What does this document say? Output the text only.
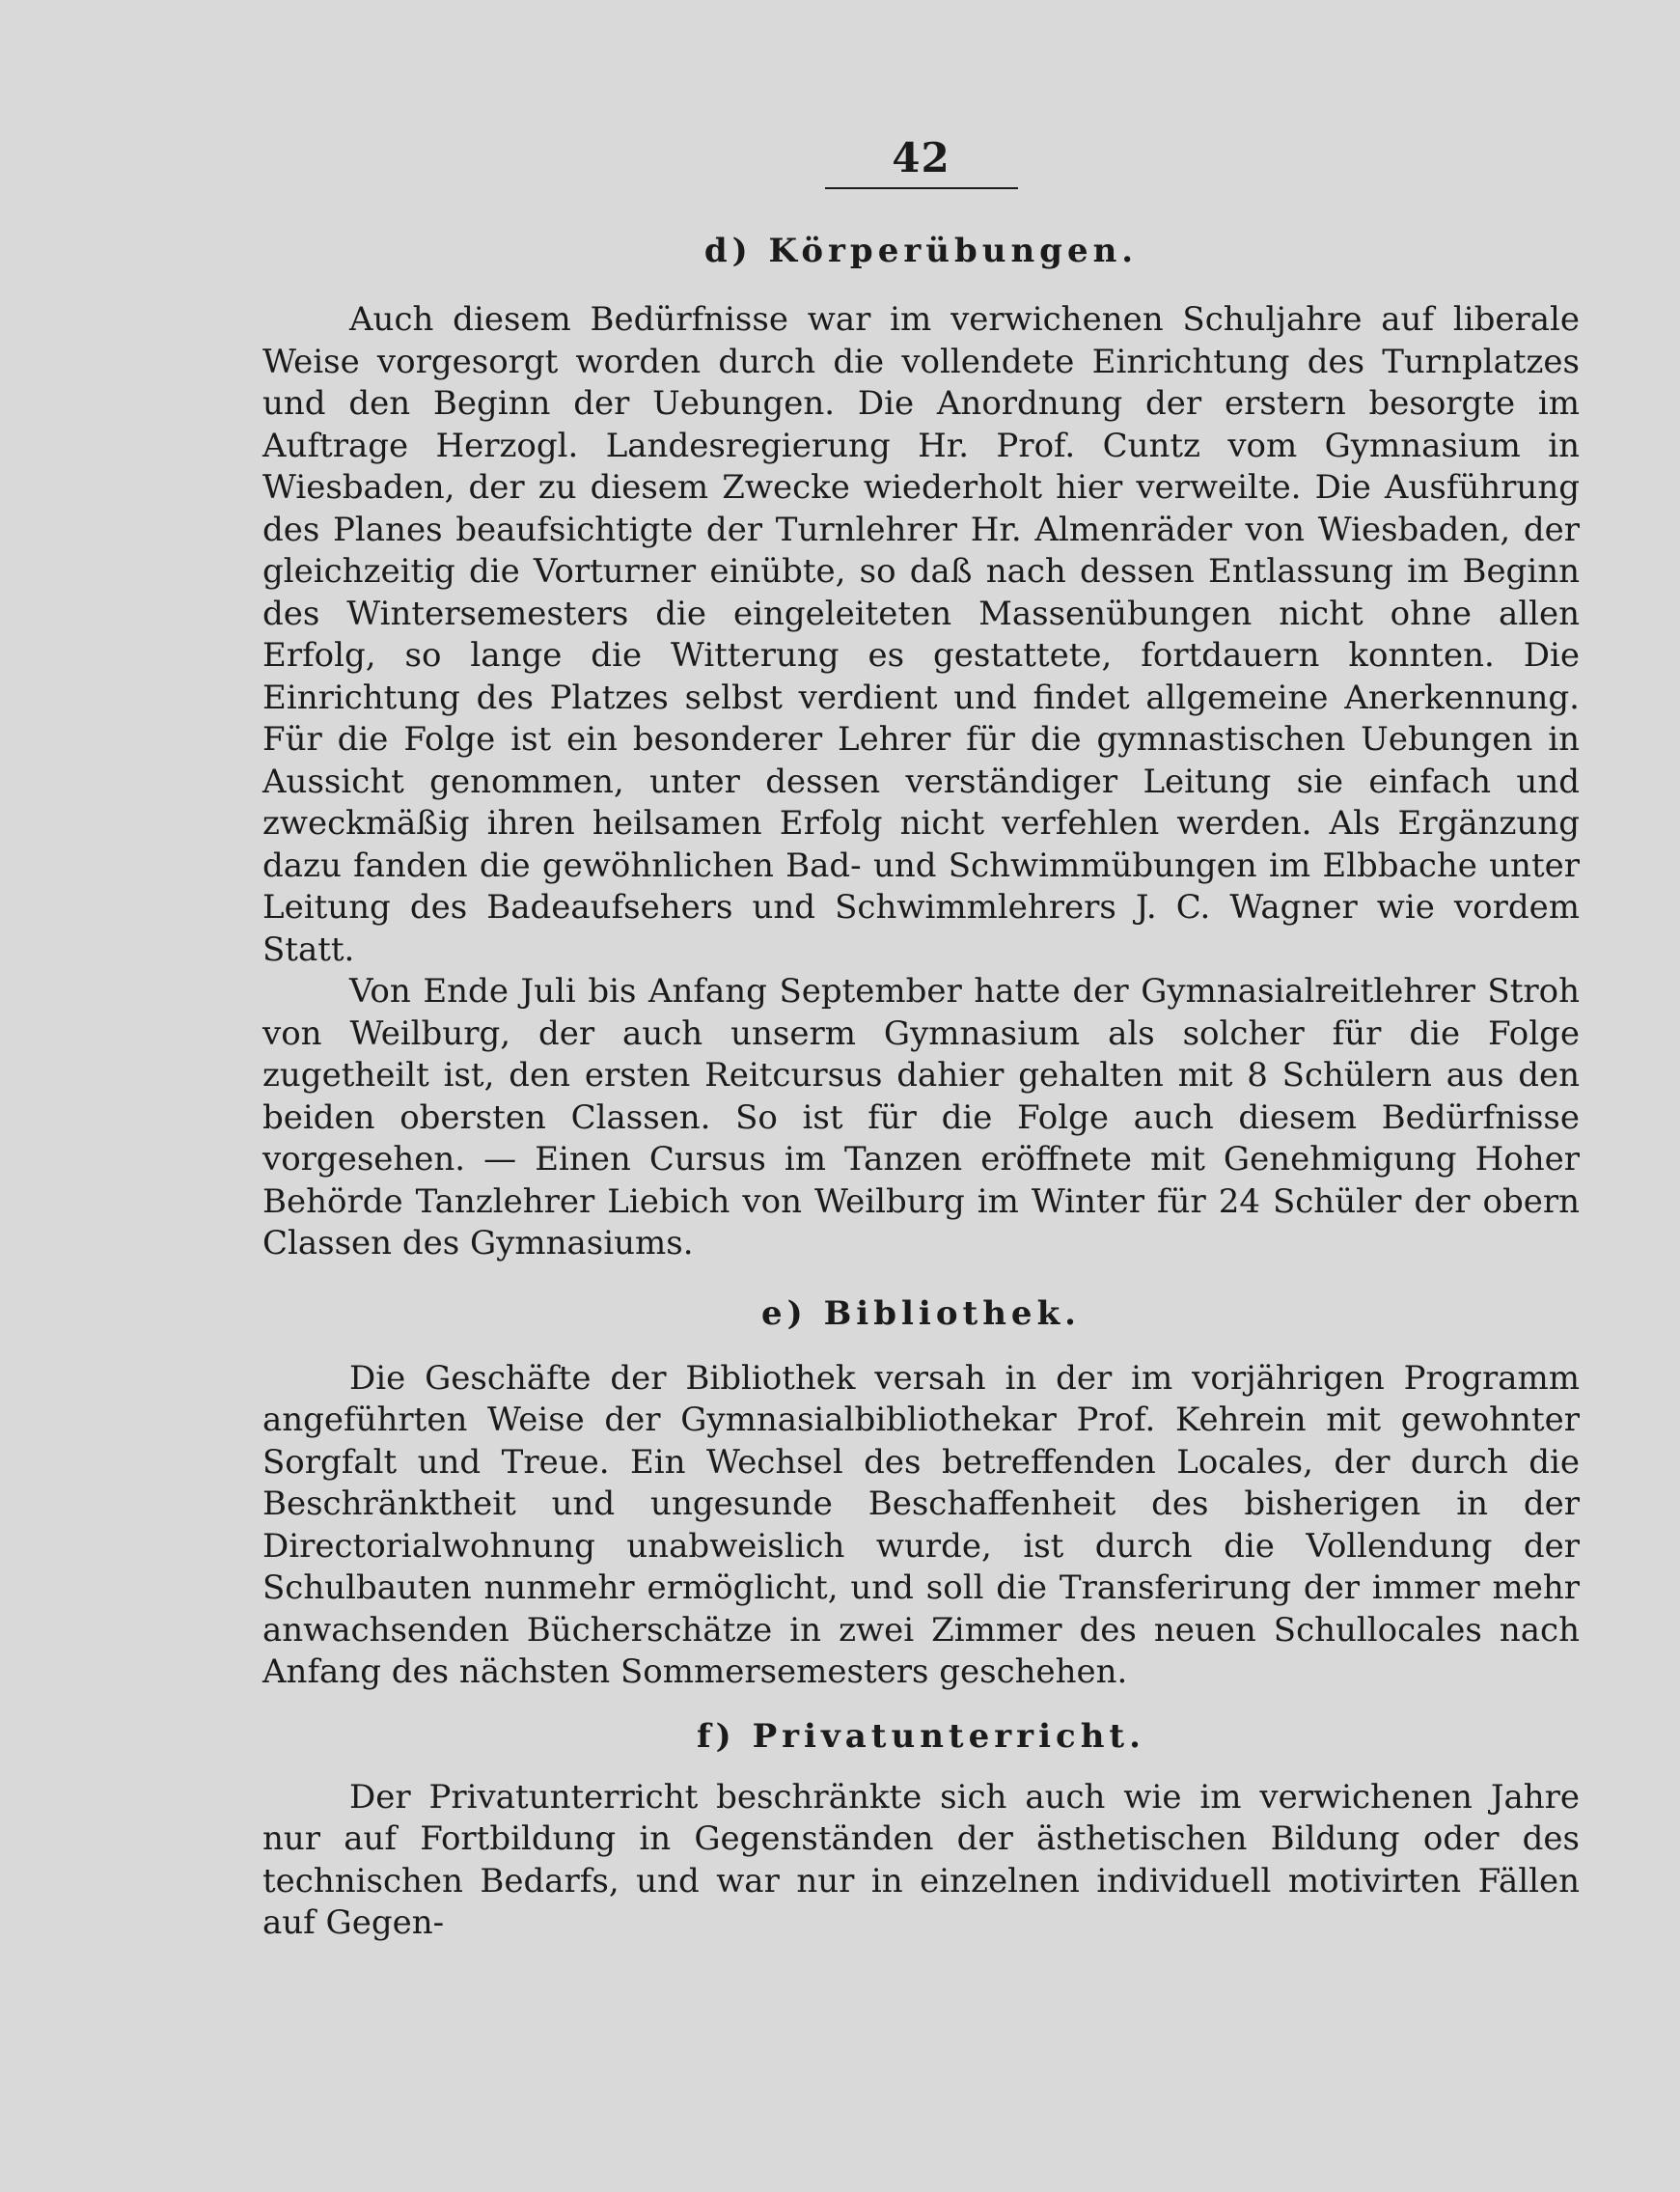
42

d) Körperübungen.

Auch diesem Bedürfnisse war im verwichenen Schuljahre auf liberale Weise vorgesorgt worden durch die vollendete Einrichtung des Turnplatzes und den Beginn der Uebungen. Die Anordnung der erstern besorgte im Auftrage Herzogl. Landesregierung Hr. Prof. Cuntz vom Gymnasium in Wiesbaden, der zu diesem Zwecke wiederholt hier verweilte. Die Ausführung des Planes beaufsichtigte der Turnlehrer Hr. Almenräder von Wiesbaden, der gleichzeitig die Vorturner einübte, so daß nach dessen Entlassung im Beginn des Wintersemesters die eingeleiteten Massenübungen nicht ohne allen Erfolg, so lange die Witterung es gestattete, fortdauern konnten. Die Einrichtung des Platzes selbst verdient und findet allgemeine Anerkennung. Für die Folge ist ein besonderer Lehrer für die gymnastischen Uebungen in Aussicht genommen, unter dessen verständiger Leitung sie einfach und zweckmäßig ihren heilsamen Erfolg nicht verfehlen werden. Als Ergänzung dazu fanden die gewöhnlichen Bad- und Schwimmübungen im Elbbache unter Leitung des Badeaufsehers und Schwimmlehrers J. C. Wagner wie vordem Statt.

Von Ende Juli bis Anfang September hatte der Gymnasialreitlehrer Stroh von Weilburg, der auch unserm Gymnasium als solcher für die Folge zugetheilt ist, den ersten Reitcursus dahier gehalten mit 8 Schülern aus den beiden obersten Classen. So ist für die Folge auch diesem Bedürfnisse vorgesehen. — Einen Cursus im Tanzen eröffnete mit Genehmigung Hoher Behörde Tanzlehrer Liebich von Weilburg im Winter für 24 Schüler der obern Classen des Gymnasiums.

e) Bibliothek.

Die Geschäfte der Bibliothek versah in der im vorjährigen Programm angeführten Weise der Gymnasialbibliothekar Prof. Kehrein mit gewohnter Sorgfalt und Treue. Ein Wechsel des betreffenden Locales, der durch die Beschränktheit und ungesunde Beschaffenheit des bisherigen in der Directorialwohnung unabweislich wurde, ist durch die Vollendung der Schulbauten nunmehr ermöglicht, und soll die Transferirung der immer mehr anwachsenden Bücherschätze in zwei Zimmer des neuen Schullocales nach Anfang des nächsten Sommersemesters geschehen.

f) Privatunterricht.

Der Privatunterricht beschränkte sich auch wie im verwichenen Jahre nur auf Fortbildung in Gegenständen der ästhetischen Bildung oder des technischen Bedarfs, und war nur in einzelnen individuell motivirten Fällen auf Gegen-
